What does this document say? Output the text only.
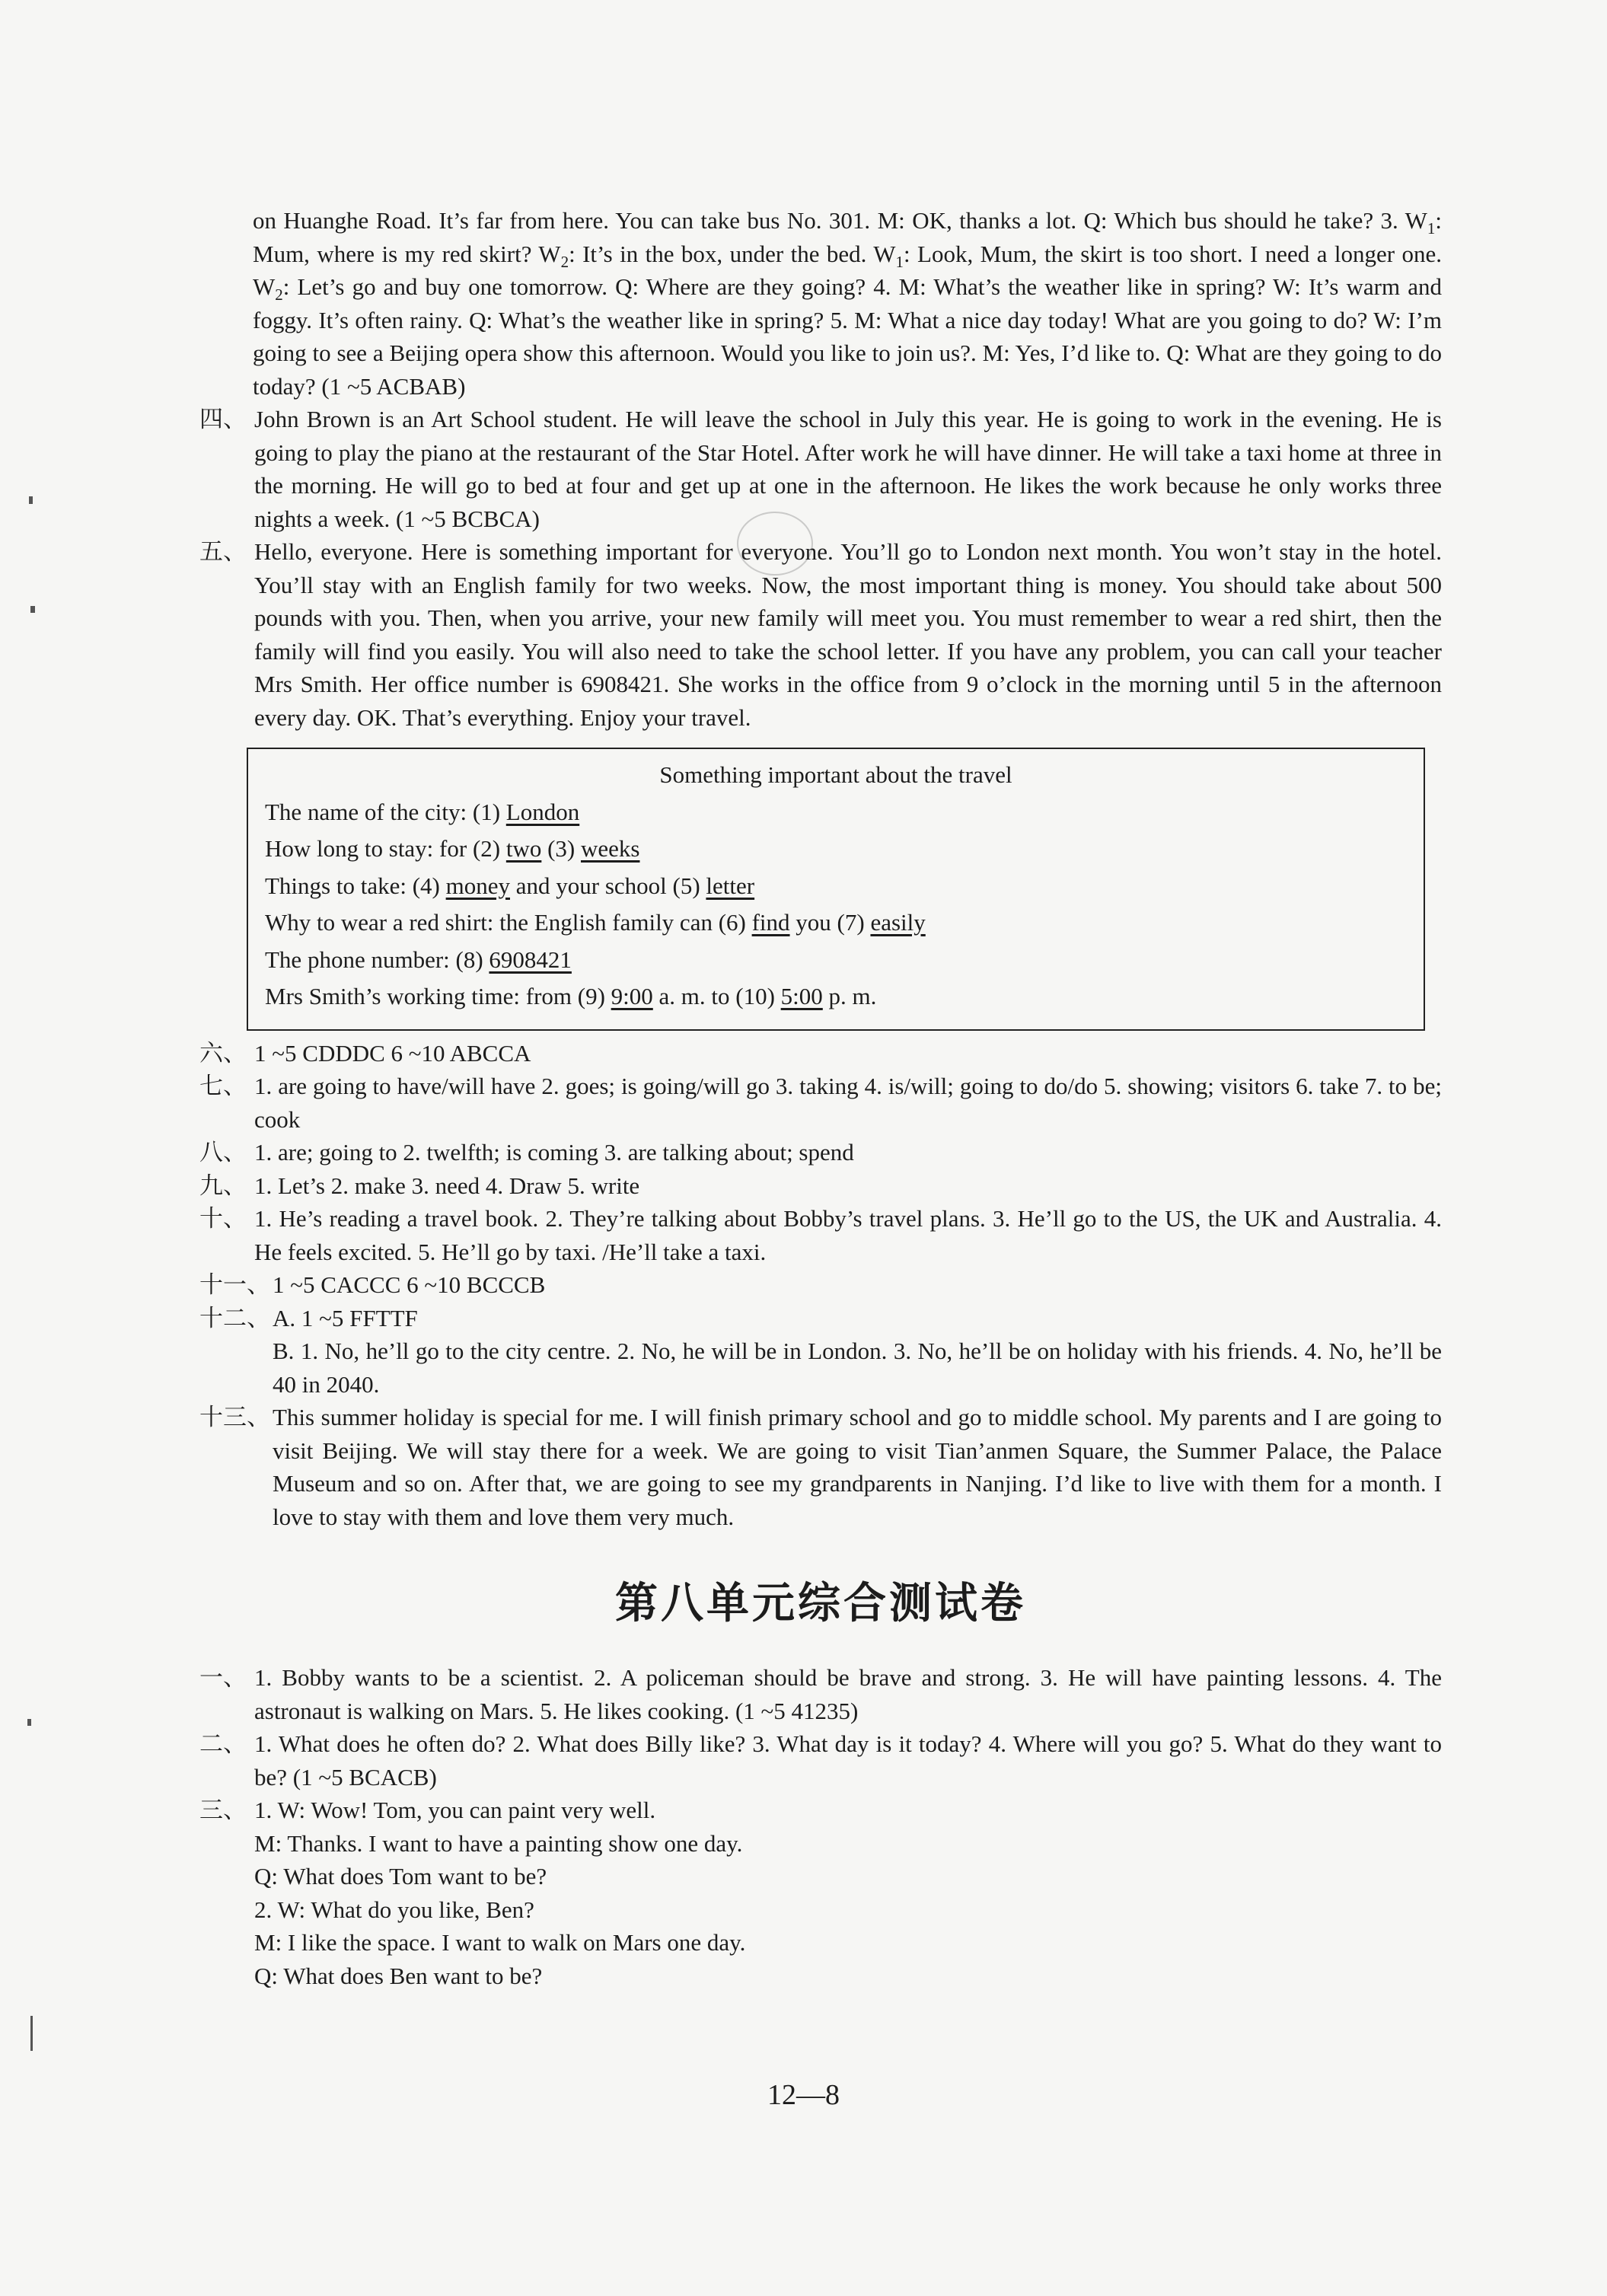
on Huanghe Road. It’s far from here. You can take bus No. 301. M: OK, thanks a lot. Q: Which bus should he take? 3. $W_1$: Mum, where is my red skirt? $W_2$: It’s in the box, under the bed. $W_1$: Look, Mum, the skirt is too short. I need a longer one. $W_2$: Let’s go and buy one tomorrow. Q: Where are they going? 4. M: What’s the weather like in spring? W: It’s warm and foggy. It’s often rainy. Q: What’s the weather like in spring? 5. M: What a nice day today! What are you going to do? W: I’m going to see a Beijing opera show this afternoon. Would you like to join us?. M: Yes, I’d like to. Q: What are they going to do today? (1 ~5 ACBAB)

四、 John Brown is an Art School student. He will leave the school in July this year. He is going to work in the evening. He is going to play the piano at the restaurant of the Star Hotel. After work he will have dinner. He will take a taxi home at three in the morning. He will go to bed at four and get up at one in the afternoon. He likes the work because he only works three nights a week. (1 ~5 BCBCA)
五、 Hello, everyone. Here is something important for everyone. You’ll go to London next month. You won’t stay in the hotel. You’ll stay with an English family for two weeks. Now, the most important thing is money. You should take about 500 pounds with you. Then, when you arrive, your new family will meet you. You must remember to wear a red shirt, then the family will find you easily. You will also need to take the school letter. If you have any problem, you can call your teacher Mrs Smith. Her office number is 6908421. She works in the office from 9 o’clock in the morning until 5 in the afternoon every day. OK. That’s everything. Enjoy your travel.
Something important about the travel
The name of the city: (1) London
How long to stay: for (2) two (3) weeks
Things to take: (4) money and your school (5) letter
Why to wear a red shirt: the English family can (6) find you (7) easily
The phone number: (8) 6908421
Mrs Smith’s working time: from (9) 9:00 a. m. to (10) 5:00 p. m.
六、 1 ~5 CDDDC 6 ~10 ABCCA
七、 1. are going to have/will have 2. goes; is going/will go 3. taking 4. is/will; going to do/do 5. showing; visitors 6. take 7. to be; cook
八、 1. are; going to 2. twelfth; is coming 3. are talking about; spend
九、 1. Let’s 2. make 3. need 4. Draw 5. write
十、 1. He’s reading a travel book. 2. They’re talking about Bobby’s travel plans. 3. He’ll go to the US, the UK and Australia. 4. He feels excited. 5. He’ll go by taxi. /He’ll take a taxi.
十一、 1 ~5 CACCC 6 ~10 BCCCB
十二、 A. 1 ~5 FFTTF
B. 1. No, he’ll go to the city centre. 2. No, he will be in London. 3. No, he’ll be on holiday with his friends. 4. No, he’ll be 40 in 2040.
十三、 This summer holiday is special for me. I will finish primary school and go to middle school. My parents and I are going to visit Beijing. We will stay there for a week. We are going to visit Tian’anmen Square, the Summer Palace, the Palace Museum and so on. After that, we are going to see my grandparents in Nanjing. I’d like to live with them for a month. I love to stay with them and love them very much.
第八单元综合测试卷
一、 1. Bobby wants to be a scientist. 2. A policeman should be brave and strong. 3. He will have painting lessons. 4. The astronaut is walking on Mars. 5. He likes cooking. (1 ~5 41235)
二、 1. What does he often do? 2. What does Billy like? 3. What day is it today? 4. Where will you go? 5. What do they want to be? (1 ~5 BCACB)
三、 1. W: Wow! Tom, you can paint very well.
M: Thanks. I want to have a painting show one day.
Q: What does Tom want to be?
2. W: What do you like, Ben?
M: I like the space. I want to walk on Mars one day.
Q: What does Ben want to be?
12—8
